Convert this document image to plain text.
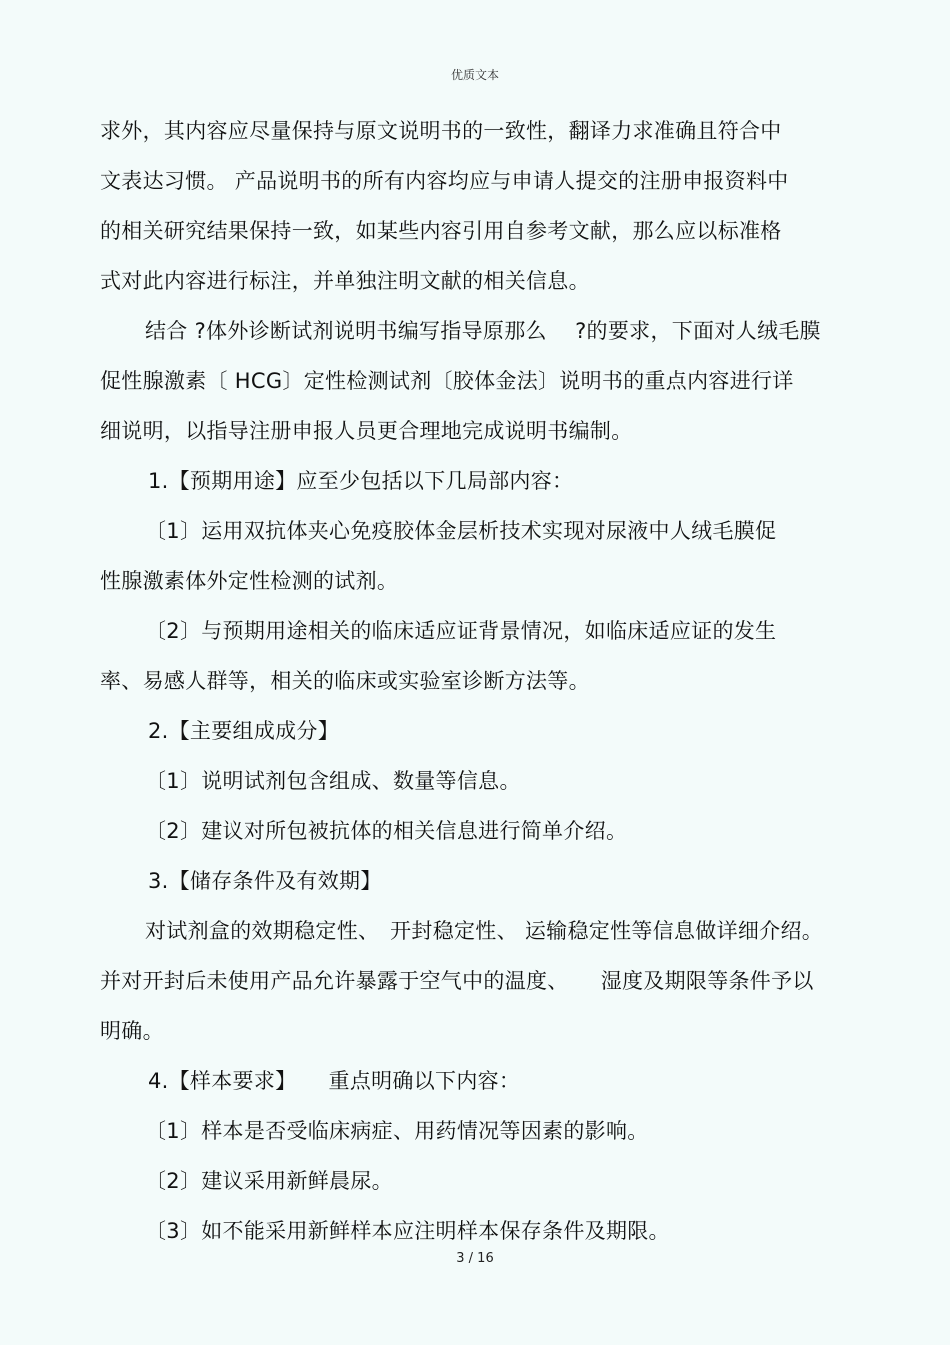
优质文本
求外，其内容应尽量保持与原文说明书的一致性，翻译力求准确且符合中
文表达习惯。 产品说明书的所有内容均应与申请人提交的注册申报资料中
的相关研究结果保持一致，如某些内容引用自参考文献，那么应以标准格
式对此内容进行标注，并单独注明文献的相关信息。
结合 ?体外诊断试剂说明书编写指导原那么　 ?的要求，下面对人绒毛膜
促性腺激素〔 HCG〕定性检测试剂〔胶体金法〕说明书的重点内容进行详
细说明，以指导注册申报人员更合理地完成说明书编制。
1.【预期用途】应至少包括以下几局部内容：
〔1〕运用双抗体夹心免疫胶体金层析技术实现对尿液中人绒毛膜促
性腺激素体外定性检测的试剂。
〔2〕与预期用途相关的临床适应证背景情况，如临床适应证的发生
率、易感人群等，相关的临床或实验室诊断方法等。
2.【主要组成成分】
〔1〕说明试剂包含组成、数量等信息。
〔2〕建议对所包被抗体的相关信息进行简单介绍。
3.【储存条件及有效期】
对试剂盒的效期稳定性、　开封稳定性、 运输稳定性等信息做详细介绍。
并对开封后未使用产品允许暴露于空气中的温度、　　湿度及期限等条件予以
明确。
4.【样本要求】　　重点明确以下内容：
〔1〕样本是否受临床病症、用药情况等因素的影响。
〔2〕建议采用新鲜晨尿。
〔3〕如不能采用新鲜样本应注明样本保存条件及期限。
3 / 16
